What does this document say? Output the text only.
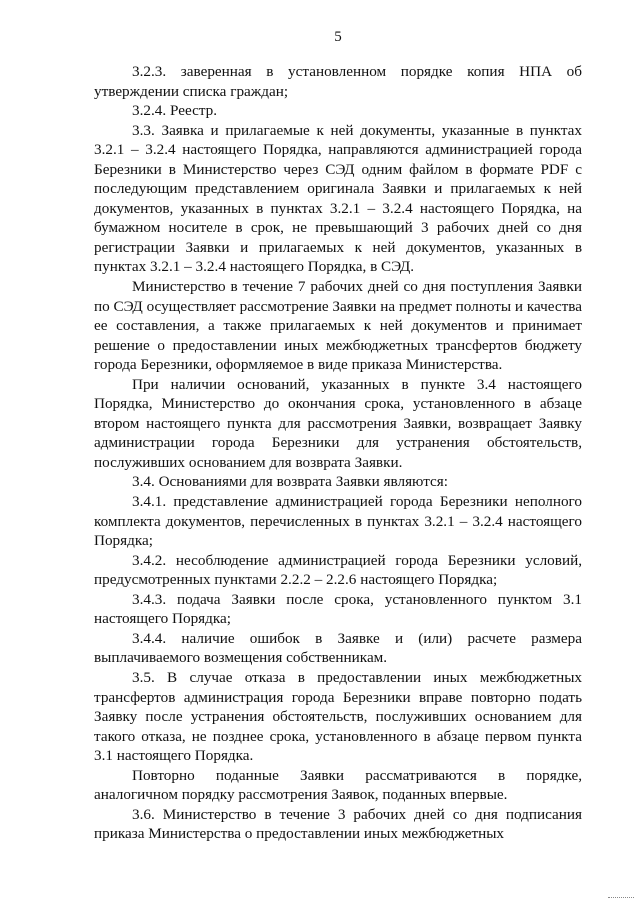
5

3.2.3. заверенная в установленном порядке копия НПА об утверждении списка граждан;

3.2.4. Реестр.

3.3. Заявка и прилагаемые к ней документы, указанные в пунктах 3.2.1 – 3.2.4 настоящего Порядка, направляются администрацией города Березники в Министерство через СЭД одним файлом в формате PDF с последующим представлением оригинала Заявки и прилагаемых к ней документов, указанных в пунктах 3.2.1 – 3.2.4 настоящего Порядка, на бумажном носителе в срок, не превышающий 3 рабочих дней со дня регистрации Заявки и прилагаемых к ней документов, указанных в пунктах 3.2.1 – 3.2.4 настоящего Порядка, в СЭД.

Министерство в течение 7 рабочих дней со дня поступления Заявки по СЭД осуществляет рассмотрение Заявки на предмет полноты и качества ее составления, а также прилагаемых к ней документов и принимает решение о предоставлении иных межбюджетных трансфертов бюджету города Березники, оформляемое в виде приказа Министерства.

При наличии оснований, указанных в пункте 3.4 настоящего Порядка, Министерство до окончания срока, установленного в абзаце втором настоящего пункта для рассмотрения Заявки, возвращает Заявку администрации города Березники для устранения обстоятельств, послуживших основанием для возврата Заявки.

3.4. Основаниями для возврата Заявки являются:

3.4.1. представление администрацией города Березники неполного комплекта документов, перечисленных в пунктах 3.2.1 – 3.2.4 настоящего Порядка;

3.4.2. несоблюдение администрацией города Березники условий, предусмотренных пунктами 2.2.2 – 2.2.6 настоящего Порядка;

3.4.3. подача Заявки после срока, установленного пунктом 3.1 настоящего Порядка;

3.4.4. наличие ошибок в Заявке и (или) расчете размера выплачиваемого возмещения собственникам.

3.5. В случае отказа в предоставлении иных межбюджетных трансфертов администрация города Березники вправе повторно подать Заявку после устранения обстоятельств, послуживших основанием для такого отказа, не позднее срока, установленного в абзаце первом пункта 3.1 настоящего Порядка.

Повторно поданные Заявки рассматриваются в порядке, аналогичном порядку рассмотрения Заявок, поданных впервые.

3.6. Министерство в течение 3 рабочих дней со дня подписания приказа Министерства о предоставлении иных межбюджетных
